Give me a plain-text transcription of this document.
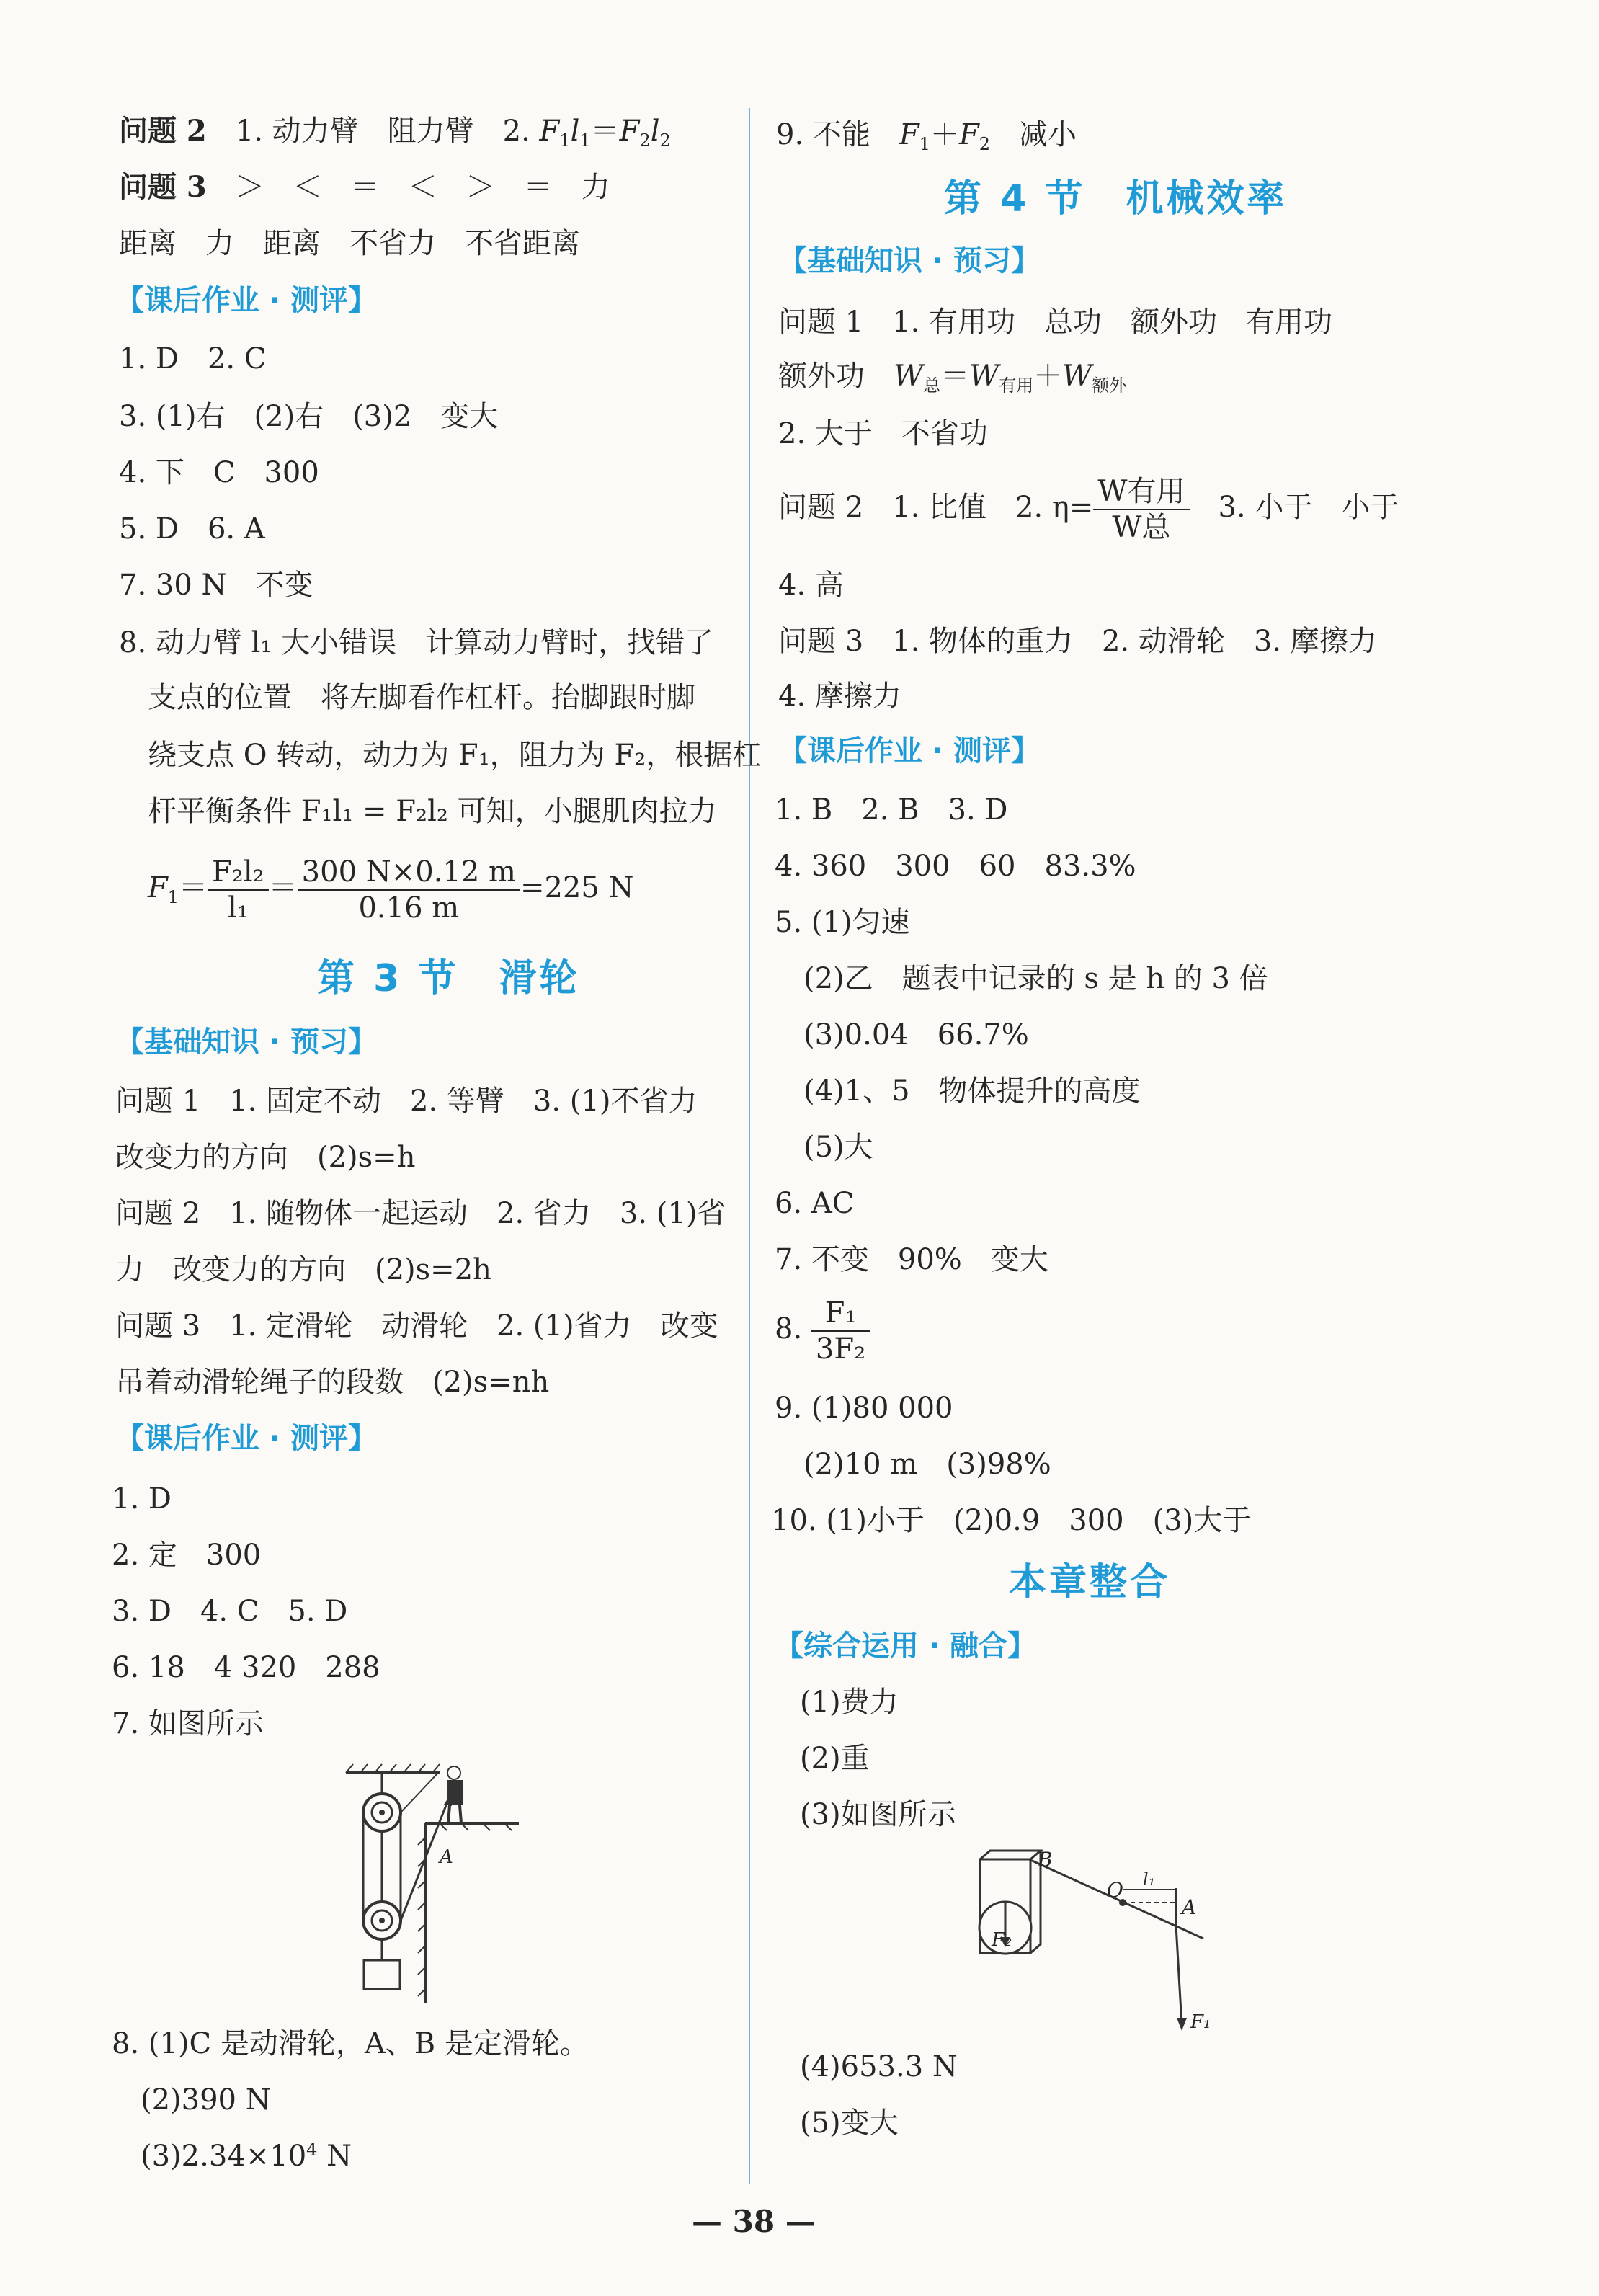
问题 2　 1. 动力臂　阻力臂　2. $F_1l_1=F_2l_2$
问题 3　 ＞　＜　＝　＜　＞　＝　力
距离　力　距离　不省力　不省距离
【课后作业 · 测评】
1. D　2. C
3. (1)右　(2)右　(3)2　变大
4. 下　C　300
5. D　6. A
7. 30 N　不变
8. 动力臂 l₁ 大小错误　计算动力臂时，找错了
支点的位置　将左脚看作杠杆。抬脚跟时脚
绕支点 O 转动，动力为 F₁，阻力为 F₂，根据杠
杆平衡条件 F₁l₁ = F₂l₂ 可知，小腿肌肉拉力
$F_1= \frac{\text{F₂l₂}}{\text{l₁}} = \frac{300 N\times 0.12 m}{0.16 m} =225$ N
第 3 节　滑轮
【基础知识 · 预习】
问题 1　1. 固定不动　2. 等臂　3. (1)不省力
改变力的方向　(2)s=h
问题 2　1. 随物体一起运动　2. 省力　3. (1)省
力　改变力的方向　(2)s=2h
问题 3　1. 定滑轮　动滑轮　2. (1)省力　改变
吊着动滑轮绳子的段数　(2)s=nh
【课后作业 · 测评】
1. D
2. 定　300
3. D　4. C　5. D
6. 18　4 320　288
7. 如图所示
A
8. (1)C 是动滑轮，A、B 是定滑轮。
(2)390 N
$(3)2.34\times 10^4$ N
9. 不能　$F_1+F_2$　减小
第 4 节　机械效率
【基础知识 · 预习】
问题 1　1. 有用功　总功　额外功　有用功
额外功　$W_总=W_{有用}+W_{额外}$
2. 大于　不省功
问题 2　1. 比值　2. $\eta= \frac{\text{W有用}}{\text{W总}}$ 　3. 小于　小于
4. 高
问题 3　1. 物体的重力　2. 动滑轮　3. 摩擦力
4. 摩擦力
【课后作业 · 测评】
1. B　2. B　3. D
4. 360　300　60　83.3%
5. (1)匀速
(2)乙　题表中记录的 s 是 h 的 3 倍
(3)0.04　66.7%
(4)1、5　物体提升的高度
(5)大
6. AC
7. 不变　90%　变大
8. $\frac{\text{F₁}}{\text{3F₂}}$
9. (1)80 000
(2)10 m　(3)98%
10. (1)小于　(2)0.9　300　(3)大于
本章整合
【综合运用 · 融合】
(1)费力
(2)重
(3)如图所示
B
O l₁
A
F₂
F₁
(4)653.3 N
(5)变大
— 38 —
